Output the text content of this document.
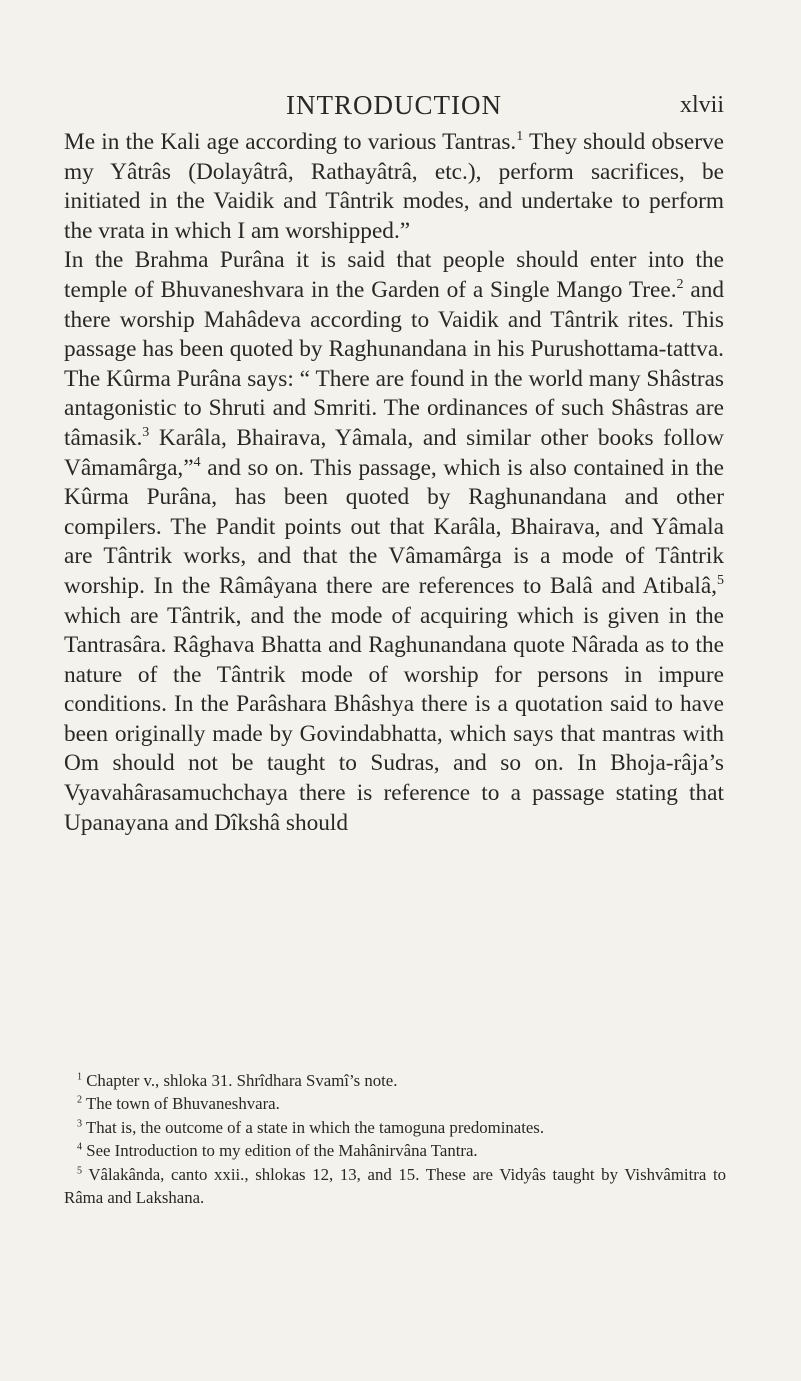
INTRODUCTION	xlvii

Me in the Kali age according to various Tantras.$^1$ They should observe my Yâtrâs (Dolayâtrâ, Rathayâtrâ, etc.), perform sacrifices, be initiated in the Vaidik and Tântrik modes, and undertake to perform the vrata in which I am worshipped.”

In the Brahma Purâna it is said that people should enter into the temple of Bhuvaneshvara in the Garden of a Single Mango Tree.$^2$ and there worship Mahâdeva according to Vaidik and Tântrik rites. This passage has been quoted by Raghunandana in his Purushottama-tattva. The Kûrma Purâna says: “ There are found in the world many Shâstras antagonistic to Shruti and Smriti. The ordinances of such Shâstras are tâmasik.$^3$ Karâla, Bhairava, Yâmala, and similar other books follow Vâmamârga,”$^4$ and so on. This passage, which is also contained in the Kûrma Purâna, has been quoted by Raghunandana and other compilers. The Pandit points out that Karâla, Bhairava, and Yâmala are Tântrik works, and that the Vâmamârga is a mode of Tântrik worship. In the Râmâyana there are references to Balâ and Atibalâ,$^5$ which are Tântrik, and the mode of acquiring which is given in the Tantrasâra. Râghava Bhatta and Raghunandana quote Nârada as to the nature of the Tântrik mode of worship for persons in impure conditions. In the Parâshara Bhâshya there is a quotation said to have been originally made by Govindabhatta, which says that mantras with Om should not be taught to Sudras, and so on. In Bhoja-râja’s Vyavahârasamuchchaya there is reference to a passage stating that Upanayana and Dîkshâ should

$^1$ Chapter v., shloka 31. Shrîdhara Svamî’s note.

$^2$ The town of Bhuvaneshvara.

$^3$ That is, the outcome of a state in which the tamoguna predominates.

$^4$ See Introduction to my edition of the Mahânirvâna Tantra.

$^5$ Vâlakânda, canto xxii., shlokas 12, 13, and 15. These are Vidyâs taught by Vishvâmitra to Râma and Lakshana.
